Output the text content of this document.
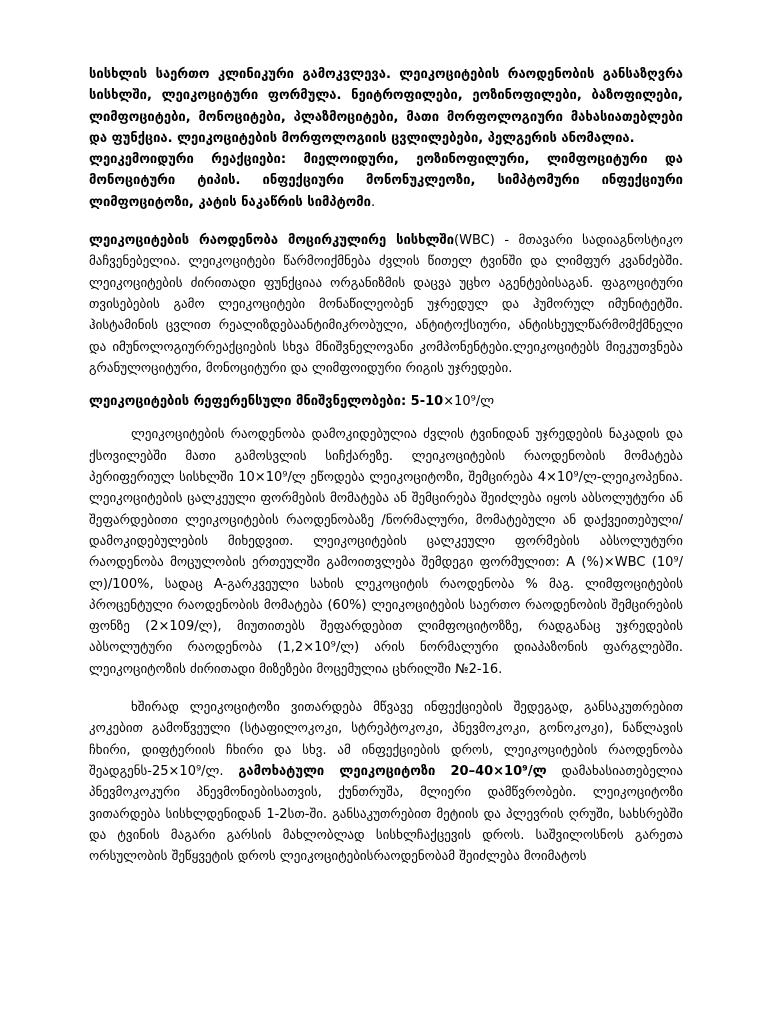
სისხლის საერთო კლინიკური გამოკვლევა. ლეიკოციტების რაოდენობის განსაზღვრა სისხლში, ლეიკოციტური ფორმულა. ნეიტროფილები, ეოზინოფილები, ბაზოფილები, ლიმფოციტები, მონოციტები, პლაზმოციტები, მათი მორფოლოგიური მახასიათებლები და ფუნქცია. ლეიკოციტების მორფოლოგიის ცვლილებები, პელგერის ანომალია.
ლეიკემოიდური რეაქციები: მიელოიდური, ეოზინოფილური, ლიმფოციტური და მონოციტური ტიპის. ინფექციური მონონუკლეოზი, სიმპტომური ინფექციური ლიმფოციტოზი, კატის ნაკაწრის სიმპტომი.

ლეიკოციტების რაოდენობა მოცირკულირე სისხლში(WBC) - მთავარი სადიაგნოსტიკო მაჩვენებელია. ლეიკოციტები წარმოიქმნება ძვლის წითელ ტვინში და ლიმფურ კვანძებში. ლეიკოციტების ძირითადი ფუნქციაა ორგანიზმის დაცვა უცხო აგენტებისაგან. ფაგოციტური თვისებების გამო ლეიკოციტები მონაწილეობენ უჯრედულ და ჰუმორულ იმუნიტეტში. ჰისტამინის ცვლით რეალიზდებაანტიმიკრობული, ანტიტოქსიური, ანტისხეულწარმომქმნელი და იმუნოლოგიურრეაქციების სხვა მნიშვნელოვანი კომპონენტები.ლეიკოციტებს მიეკუთვნება გრანულოციტური, მონოციტური და ლიმფოიდური რიგის უჯრედები.

ლეიკოციტების რეფერენსული მნიშვნელობები: 5-10×10⁹/ლ

ლეიკოციტების რაოდენობა დამოკიდებულია ძვლის ტვინიდან უჯრედების ნაკადის და ქსოვილებში მათი გამოსვლის სიჩქარეზე. ლეიკოციტების რაოდენობის მომატება პერიფერიულ სისხლში 10×10⁹/ლ ეწოდება ლეიკოციტოზი, შემცირება 4×10⁹/ლ-ლეიკოპენია. ლეიკოციტების ცალკეული ფორმების მომატება ან შემცირება შეიძლება იყოს აბსოლუტური ან შეფარდებითი ლეიკოციტების რაოდენობაზე /ნორმალური, მომატებული ან დაქვეითებული/ დამოკიდებულების მიხედვით. ლეიკოციტების ცალკეული ფორმების აბსოლუტური რაოდენობა მოცულობის ერთეულში გამოითვლება შემდეგი ფორმულით: A (%)×WBC (10⁹/ლ)/100%, სადაც A-გარკვეული სახის ლეკოციტის რაოდენობა % მაგ. ლიმფოციტების პროცენტული რაოდენობის მომატება (60%) ლეიკოციტების საერთო რაოდენობის შემცირების ფონზე (2×109/ლ), მიუთითებს შეფარდებით ლიმფოციტოზზე, რადგანაც უჯრედების აბსოლუტური რაოდენობა (1,2×10⁹/ლ) არის ნორმალური დიაპაზონის ფარგლებში. ლეიკოციტოზის ძირითადი მიზეზები მოცემულია ცხრილში №2-16.

ხშირად ლეიკოციტოზი ვითარდება მწვავე ინფექციების შედეგად, განსაკუთრებით კოკებით გამოწვეული (სტაფილოკოკი, სტრეპტოკოკი, პნევმოკოკი, გონოკოკი), ნაწლავის ჩხირი, დიფტერიის ჩხირი და სხვ. ამ ინფექციების დროს, ლეიკოციტების რაოდენობა შეადგენს-25×10⁹/ლ. გამოხატული ლეიკოციტოზი 20–40×10⁹/ლ დამახასიათებელია პნევმოკოკური პნევმონიებისათვის, ქუნთრუშა, მლიერი დამწვრობები. ლეიკოციტოზი ვითარდება სისხლდენიდან 1-2სთ-ში. განსაკუთრებით მეტიის და პლევრის ღრუში, სახსრებში და ტვინის მაგარი გარსის მახლობლად სისხლჩაქცევის დროს. საშვილოსნოს გარეთა ორსულობის შეწყვეტის დროს ლეიკოციტებისრაოდენობამ შეიძლება მოიმატოს
